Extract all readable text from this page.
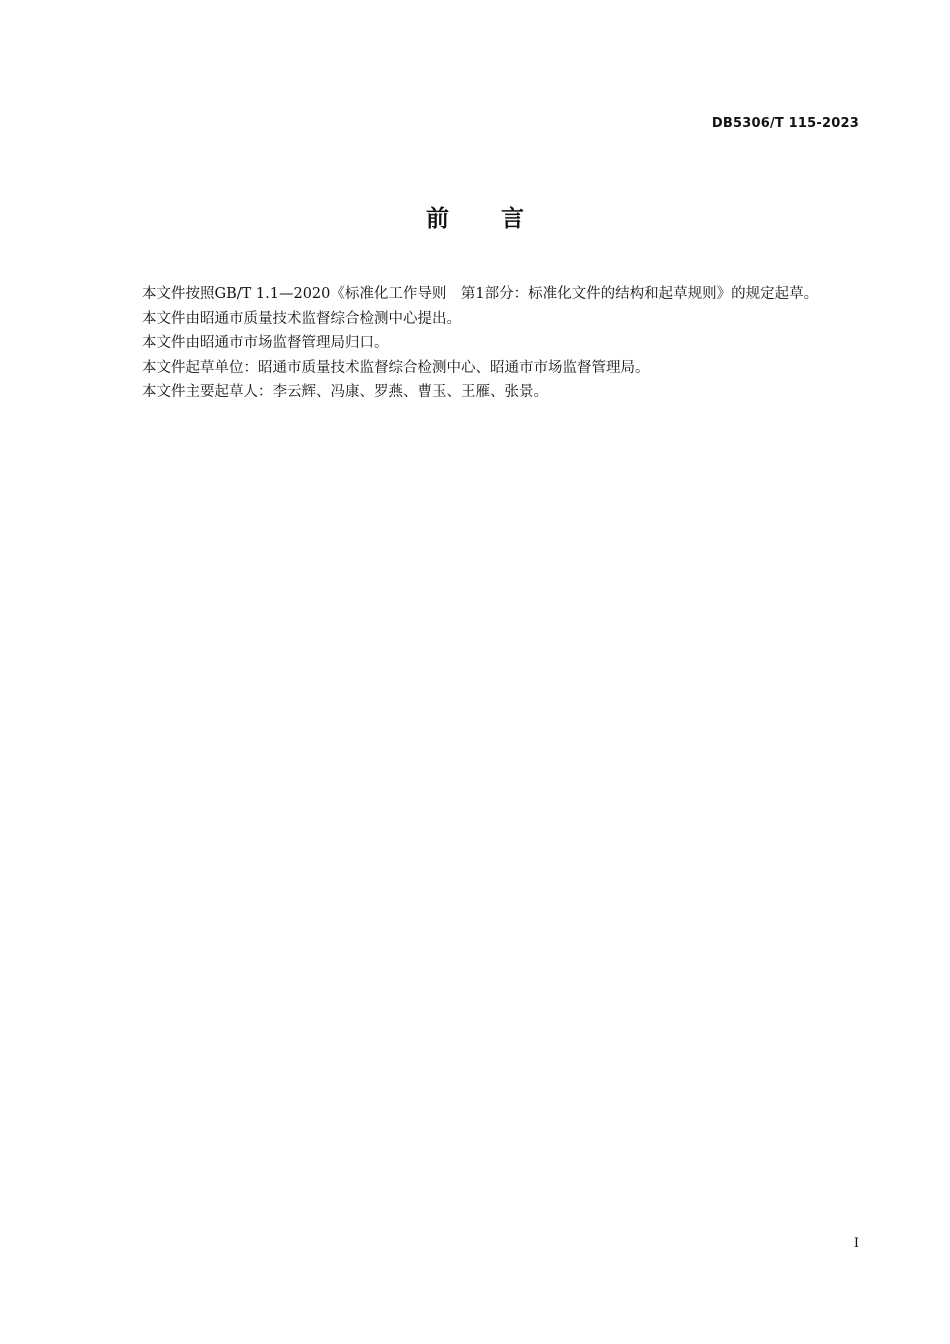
DB5306/T 115-2023
前言

本文件按照GB/T 1.1—2020《标准化工作导则　第1部分：标准化文件的结构和起草规则》的规定起草。

本文件由昭通市质量技术监督综合检测中心提出。

本文件由昭通市市场监督管理局归口。

本文件起草单位：昭通市质量技术监督综合检测中心、昭通市市场监督管理局。

本文件主要起草人：李云辉、冯康、罗燕、曹玉、王雁、张景。

I
